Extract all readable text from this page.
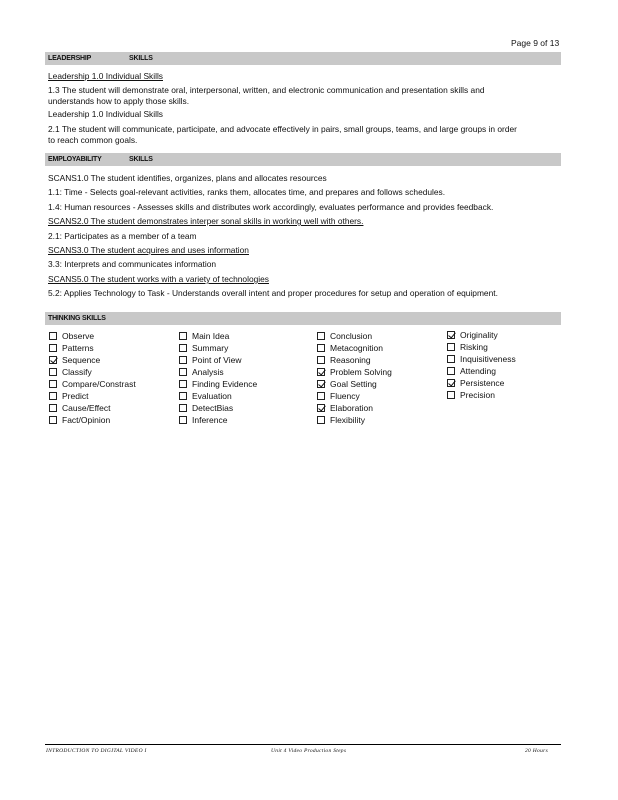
Page 9 of 13
LEADERSHIP	SKILLS
Leadership 1.0 Individual Skills
1.3 The student will demonstrate oral, interpersonal, written, and electronic communication and presentation skills and
understands how to apply those skills.
Leadership 1.0 Individual Skills
2.1 The student will communicate, participate, and advocate effectively in pairs, small groups, teams, and large groups in order
to reach common goals.
EMPLOYABILITY	SKILLS
SCANS1.0 The student identifies, organizes, plans and allocates resources
1.1: Time - Selects goal-relevant activities, ranks them, allocates time, and prepares and follows schedules.
1.4: Human resources - Assesses skills and distributes work accordingly, evaluates performance and provides feedback.
SCANS2.0 The student demonstrates interper sonal skills in working well with others.
2.1: Participates as a member of a team
SCANS3.0 The student acquires and uses information
3.3: Interprets and communicates information
SCANS5.0 The student works with a variety of technologies
5.2: Applies Technology to Task - Understands overall intent and proper procedures for setup and operation of equipment.
THINKING SKILLS
Observe
Patterns
Sequence
Classify
Compare/Constrast
Predict
Cause/Effect
Fact/Opinion
Main Idea
Summary
Point of View
Analysis
Finding Evidence
Evaluation
DetectBias
Inference
Conclusion
Metacognition
Reasoning
Problem Solving
Goal Setting
Fluency
Elaboration
Flexibility
Originality
Risking
Inquisitiveness
Attending
Persistence
Precision
INTRODUCTION TO DIGITAL VIDEO I	Unit 4 Video Production Steps	20 Hours
